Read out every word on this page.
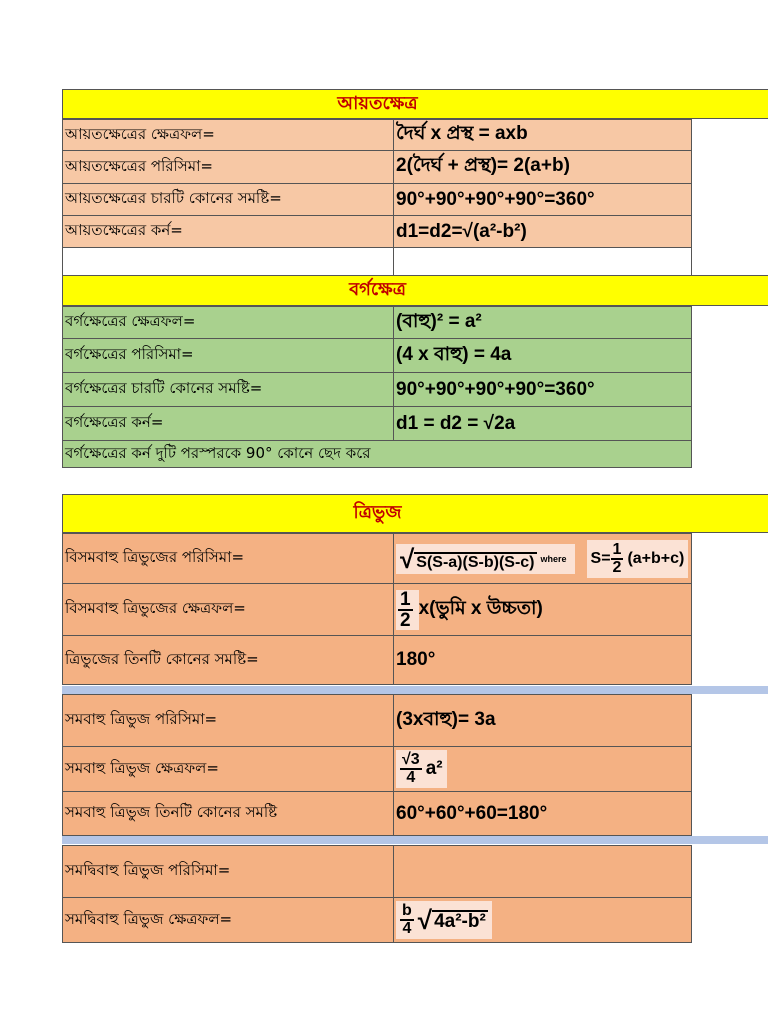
আয়তক্ষেত্র
আয়তক্ষেত্রের ক্ষেত্রফল=	দৈর্ঘ x প্রস্থ = axb
আয়তক্ষেত্রের পরিসিমা=	2(দৈর্ঘ + প্রস্থ)= 2(a+b)
আয়তক্ষেত্রের চারটি কোনের সমষ্টি=	90°+90°+90°+90°=360°
আয়তক্ষেত্রের কর্ন=	d1=d2=√(a²-b²)
বর্গক্ষেত্র
বর্গক্ষেত্রের ক্ষেত্রফল=	(বাহু)² = a²
বর্গক্ষেত্রের পরিসিমা=	(4 x বাহু) = 4a
বর্গক্ষেত্রের চারটি কোনের সমষ্টি=	90°+90°+90°+90°=360°
বর্গক্ষেত্রের কর্ন=	d1 = d2 = √2a
বর্গক্ষেত্রের কর্ন দুটি পরস্পরকে 90° কোনে ছেদ করে
ত্রিভুজ
বিসমবাহু ত্রিভুজের পরিসিমা=	√ S(S-a)(S-b)(S-c) where $S= \frac{1}{2} (a+b+c)$
বিসমবাহু ত্রিভুজের ক্ষেত্রফল=	$\frac{1}{2}$ x(ভুমি x উচ্চতা)
ত্রিভুজের তিনটি কোনের সমষ্টি=	180°
সমবাহু ত্রিভুজ পরিসিমা=	(3xবাহু)= 3a
সমবাহু ত্রিভুজ ক্ষেত্রফল=	$\frac{√3}{4} a^2$
সমবাহু ত্রিভুজ তিনটি কোনের সমষ্টি	60°+60°+60=180°
সমদ্বিবাহু ত্রিভুজ পরিসিমা=
সমদ্বিবাহু ত্রিভুজ ক্ষেত্রফল=	$\frac{b}{4}$ √ 4a²-b²
